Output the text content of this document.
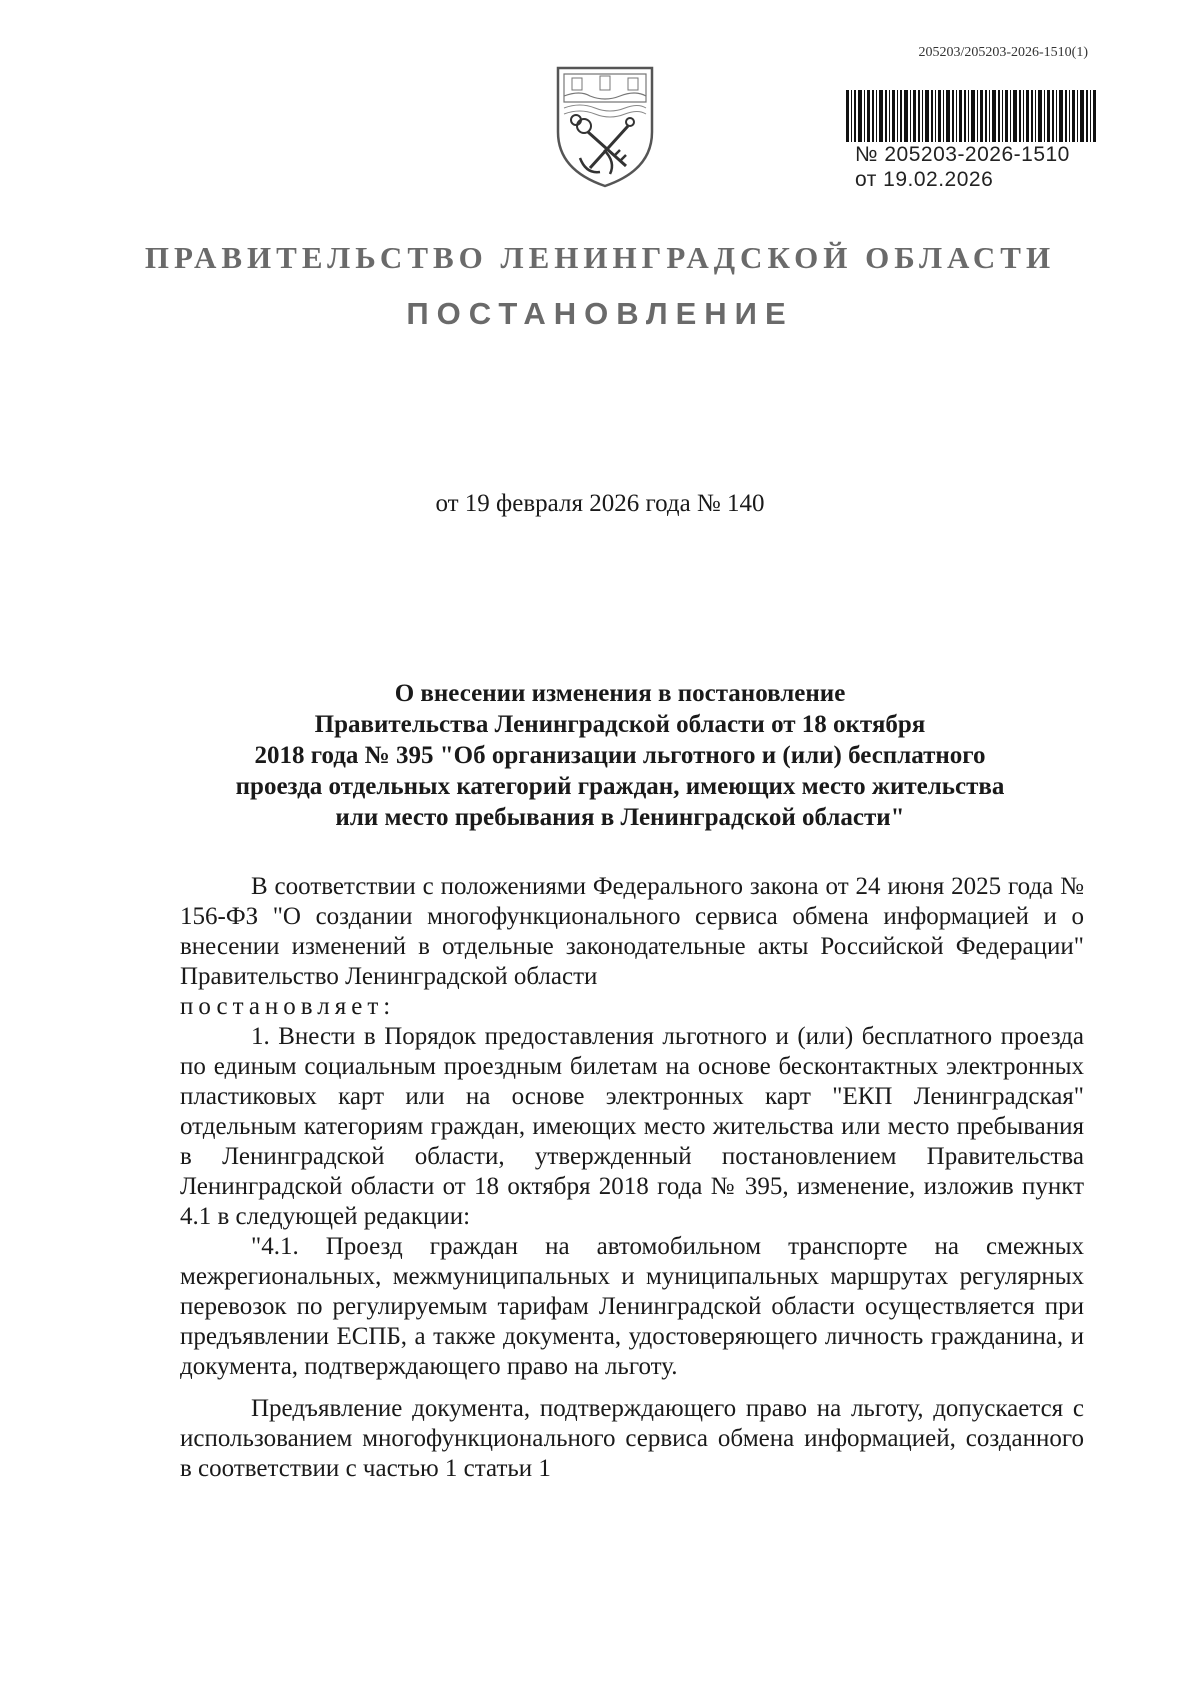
205203/205203-2026-1510(1)
№ 205203-2026-1510
от 19.02.2026
ПРАВИТЕЛЬСТВО ЛЕНИНГРАДСКОЙ ОБЛАСТИ
ПОСТАНОВЛЕНИЕ
от 19 февраля 2026 года № 140
О внесении изменения в постановление
Правительства Ленинградской области от 18 октября
2018 года № 395 "Об организации льготного и (или) бесплатного
проезда отдельных категорий граждан, имеющих место жительства
или место пребывания в Ленинградской области"

В соответствии с положениями Федерального закона от 24 июня 2025 года № 156-ФЗ "О создании многофункционального сервиса обмена информацией и о внесении изменений в отдельные законодательные акты Российской Федерации" Правительство Ленинградской области

постановляет:

1. Внести в Порядок предоставления льготного и (или) бесплатного проезда по единым социальным проездным билетам на основе бесконтактных электронных пластиковых карт или на основе электронных карт "ЕКП Ленинградская" отдельным категориям граждан, имеющих место жительства или место пребывания в Ленинградской области, утвержденный постановлением Правительства Ленинградской области от 18 октября 2018 года № 395, изменение, изложив пункт 4.1 в следующей редакции:

"4.1. Проезд граждан на автомобильном транспорте на смежных межрегиональных, межмуниципальных и муниципальных маршрутах регулярных перевозок по регулируемым тарифам Ленинградской области осуществляется при предъявлении ЕСПБ, а также документа, удостоверяющего личность гражданина, и документа, подтверждающего право на льготу.

Предъявление документа, подтверждающего право на льготу, допускается с использованием многофункционального сервиса обмена информацией, созданного в соответствии с частью 1 статьи 1
